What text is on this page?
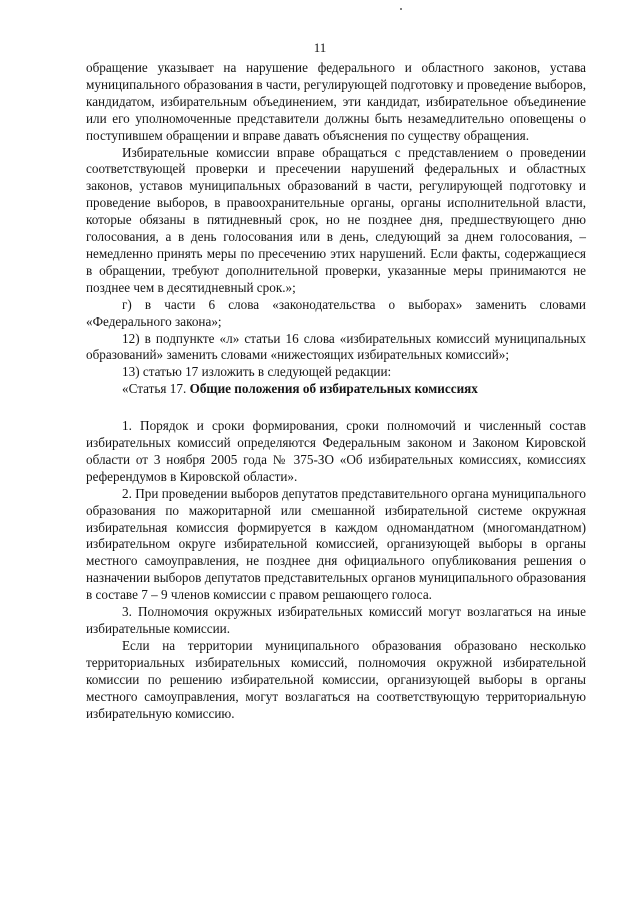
11

обращение указывает на нарушение федерального и областного законов, устава муниципального образования в части, регулирующей подготовку и проведение выборов, кандидатом, избирательным объединением, эти кандидат, избирательное объединение или его уполномоченные представители должны быть незамедлительно оповещены о поступившем обращении и вправе давать объяснения по существу обращения.

Избирательные комиссии вправе обращаться с представлением о проведении соответствующей проверки и пресечении нарушений федеральных и областных законов, уставов муниципальных образований в части, регулирующей подготовку и проведение выборов, в правоохранительные органы, органы исполнительной власти, которые обязаны в пятидневный срок, но не позднее дня, предшествующего дню голосования, а в день голосования или в день, следующий за днем голосования, – немедленно принять меры по пресечению этих нарушений. Если факты, содержащиеся в обращении, требуют дополнительной проверки, указанные меры принимаются не позднее чем в десятидневный срок.»;

г) в части 6 слова «законодательства о выборах» заменить словами «Федерального закона»;

12) в подпункте «л» статьи 16 слова «избирательных комиссий муниципальных образований» заменить словами «нижестоящих избирательных комиссий»;

13) статью 17 изложить в следующей редакции:

«Статья 17. Общие положения об избирательных комиссиях

1. Порядок и сроки формирования, сроки полномочий и численный состав избирательных комиссий определяются Федеральным законом и Законом Кировской области от 3 ноября 2005 года № 375-ЗО «Об избирательных комиссиях, комиссиях референдумов в Кировской области».

2. При проведении выборов депутатов представительного органа муниципального образования по мажоритарной или смешанной избирательной системе окружная избирательная комиссия формируется в каждом одномандатном (многомандатном) избирательном округе избирательной комиссией, организующей выборы в органы местного самоуправления, не позднее дня официального опубликования решения о назначении выборов депутатов представительных органов муниципального образования в составе 7 – 9 членов комиссии с правом решающего голоса.

3. Полномочия окружных избирательных комиссий могут возлагаться на иные избирательные комиссии.

Если на территории муниципального образования образовано несколько территориальных избирательных комиссий, полномочия окружной избирательной комиссии по решению избирательной комиссии, организующей выборы в органы местного самоуправления, могут возлагаться на соответствующую территориальную избирательную комиссию.
